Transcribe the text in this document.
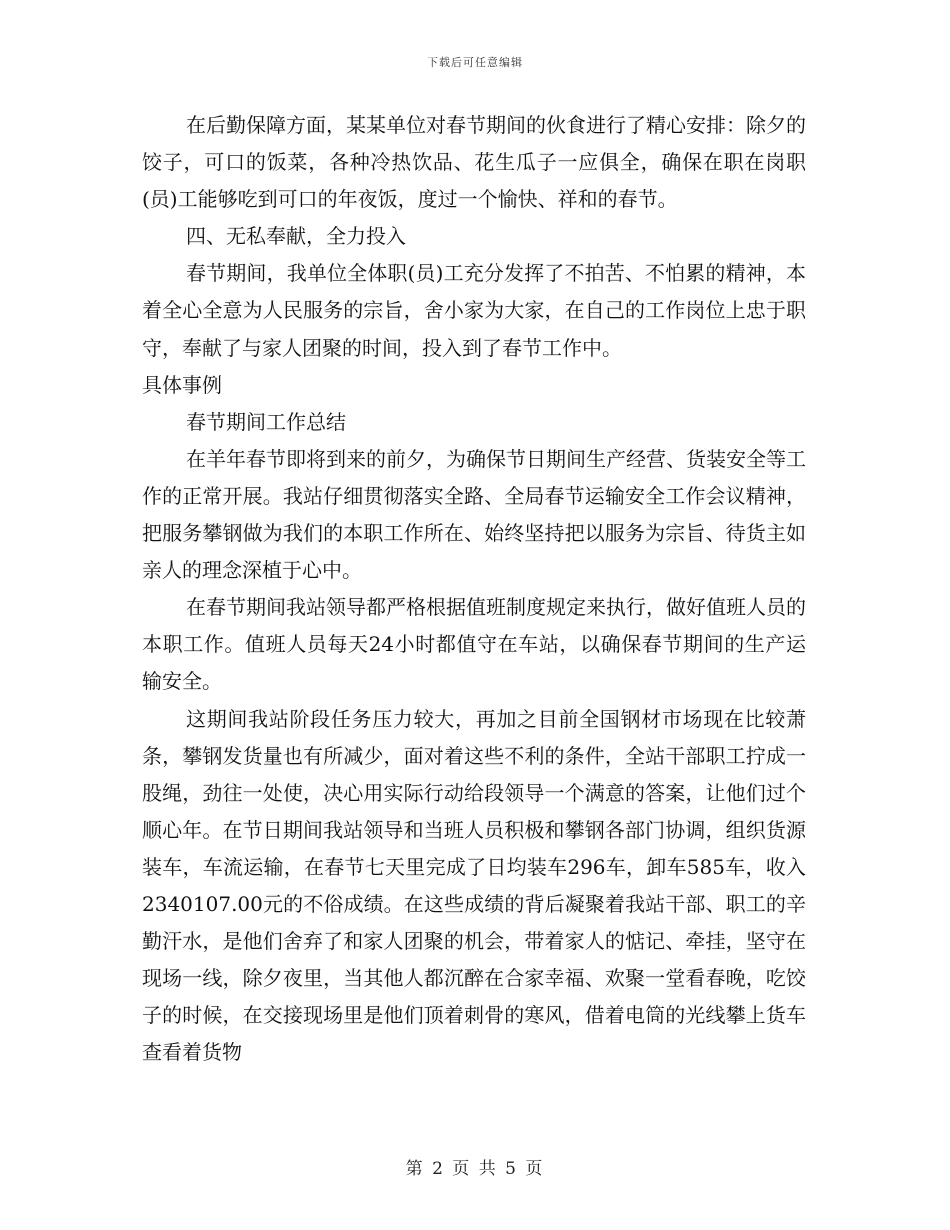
下载后可任意编辑

在后勤保障方面，某某单位对春节期间的伙食进行了精心安排：除夕的饺子，可口的饭菜，各种冷热饮品、花生瓜子一应俱全，确保在职在岗职(员)工能够吃到可口的年夜饭，度过一个愉快、祥和的春节。

四、无私奉献，全力投入

春节期间，我单位全体职(员)工充分发挥了不拍苦、不怕累的精神，本着全心全意为人民服务的宗旨，舍小家为大家，在自己的工作岗位上忠于职守，奉献了与家人团聚的时间，投入到了春节工作中。

具体事例

春节期间工作总结

在羊年春节即将到来的前夕，为确保节日期间生产经营、货装安全等工作的正常开展。我站仔细贯彻落实全路、全局春节运输安全工作会议精神，把服务攀钢做为我们的本职工作所在、始终坚持把以服务为宗旨、待货主如亲人的理念深植于心中。

在春节期间我站领导都严格根据值班制度规定来执行，做好值班人员的本职工作。值班人员每天24小时都值守在车站，以确保春节期间的生产运输安全。

这期间我站阶段任务压力较大，再加之目前全国钢材市场现在比较萧条，攀钢发货量也有所减少，面对着这些不利的条件，全站干部职工拧成一股绳，劲往一处使，决心用实际行动给段领导一个满意的答案，让他们过个顺心年。在节日期间我站领导和当班人员积极和攀钢各部门协调，组织货源装车，车流运输，在春节七天里完成了日均装车296车，卸车585车，收入2340107.00元的不俗成绩。在这些成绩的背后凝聚着我站干部、职工的辛勤汗水，是他们舍弃了和家人团聚的机会，带着家人的惦记、牵挂，坚守在现场一线，除夕夜里，当其他人都沉醉在合家幸福、欢聚一堂看春晚，吃饺子的时候，在交接现场里是他们顶着刺骨的寒风，借着电筒的光线攀上货车查看着货物

第 2 页 共 5 页
